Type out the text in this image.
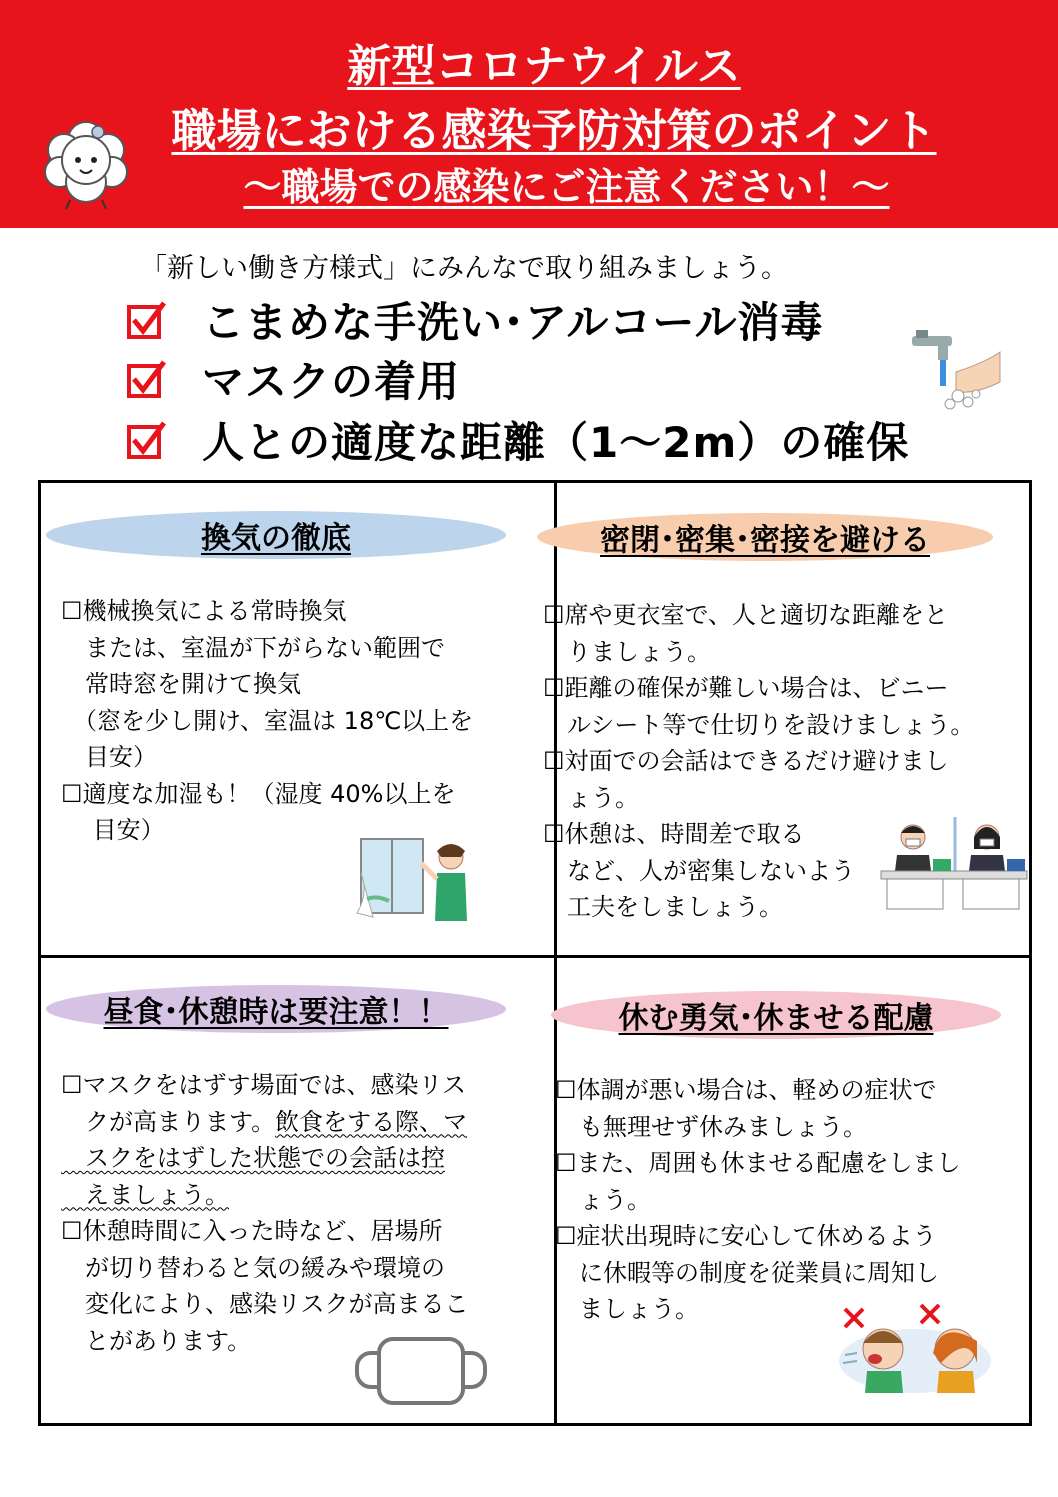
新型コロナウイルス
職場における感染予防対策のポイント
～職場での感染にご注意ください！～
「新しい働き方様式」にみんなで取り組みましょう。
こまめな手洗い･アルコール消毒
マスクの着用
人との適度な距離（1～2m）の確保
換気の徹底
☐機械換気による常時換気
　または、室温が下がらない範囲で
　常時窓を開けて換気
　（窓を少し開け、室温は 18℃以上を
　目安）
☐適度な加湿も！（湿度 40%以上を
　 目安）
密閉･密集･密接を避ける
☐席や更衣室で、人と適切な距離をと
　りましょう。
☐距離の確保が難しい場合は、ビニー
　ルシート等で仕切りを設けましょう。
☐対面での会話はできるだけ避けまし
　ょう。
☐休憩は、時間差で取る
　など、人が密集しないよう
　工夫をしましょう。
昼食･休憩時は要注意！！
☐マスクをはずす場面では、感染リス
　クが高まります。飲食をする際、マ
　スクをはずした状態での会話は控
　えましょう。
☐休憩時間に入った時など、居場所
　が切り替わると気の緩みや環境の
　変化により、感染リスクが高まるこ
　とがあります。
休む勇気･休ませる配慮
☐体調が悪い場合は、軽めの症状で
　も無理せず休みましょう。
☐また、周囲も休ませる配慮をしまし
　ょう。
☐症状出現時に安心して休めるよう
　に休暇等の制度を従業員に周知し
　ましょう。
